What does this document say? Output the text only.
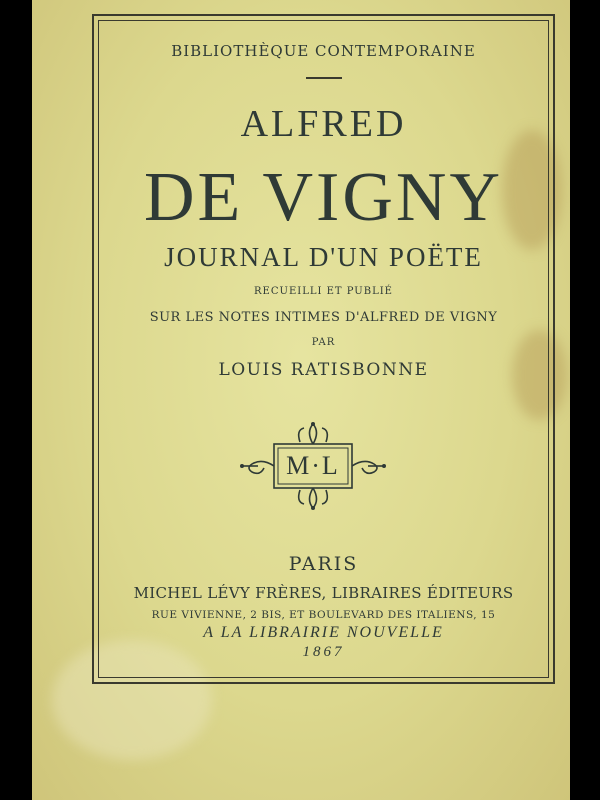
BIBLIOTHÈQUE CONTEMPORAINE
ALFRED
DE VIGNY
JOURNAL D'UN POËTE
RECUEILLI ET PUBLIÉ
SUR LES NOTES INTIMES D'ALFRED DE VIGNY
PAR
LOUIS RATISBONNE
M·L
PARIS
MICHEL LÉVY FRÈRES, LIBRAIRES ÉDITEURS
RUE VIVIENNE, 2 BIS, ET BOULEVARD DES ITALIENS, 15
A LA LIBRAIRIE NOUVELLE
1867
